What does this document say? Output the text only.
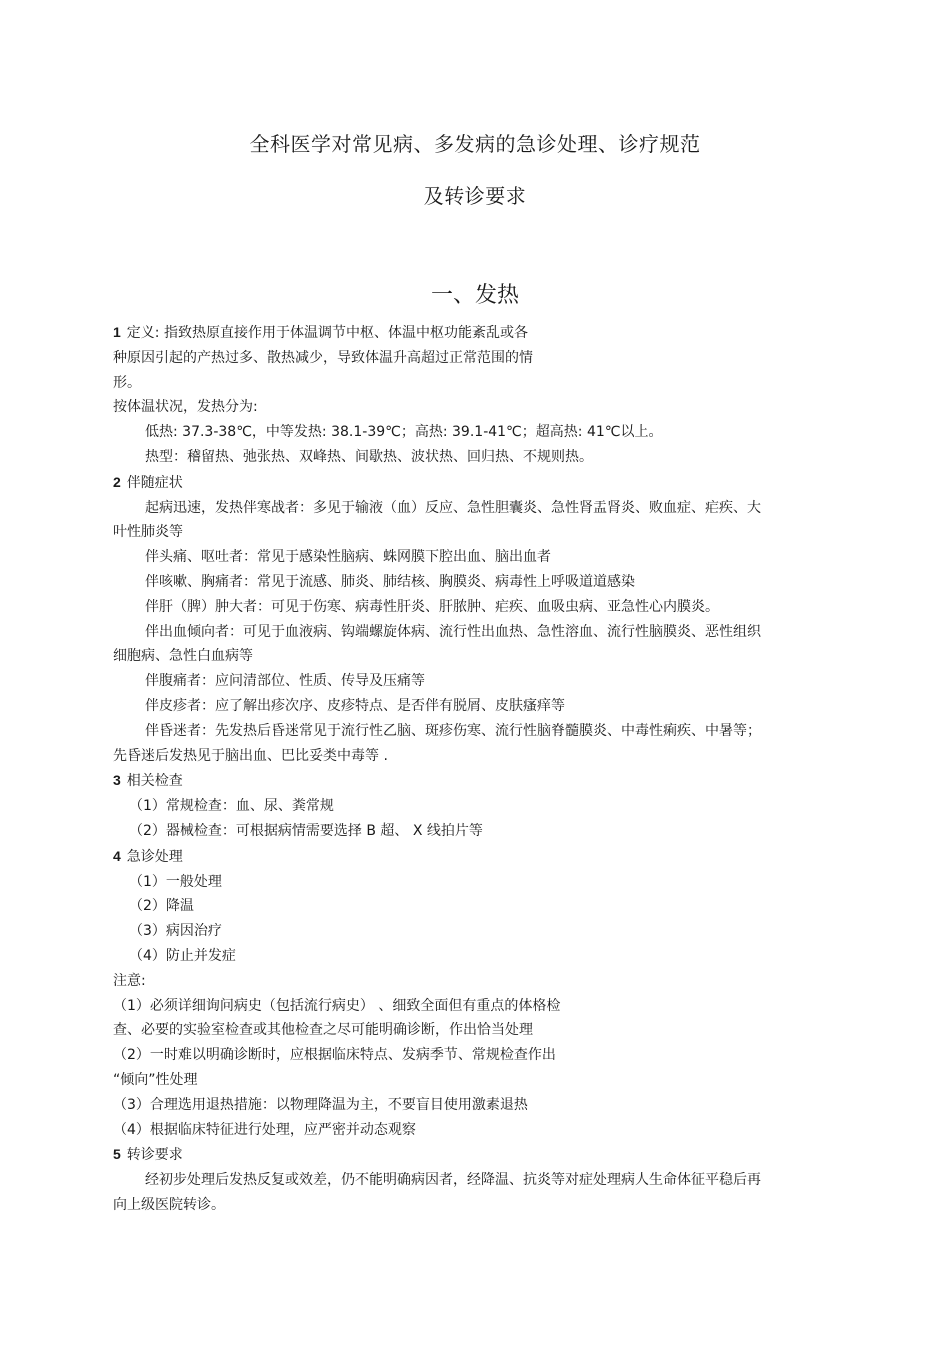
全科医学对常见病、多发病的急诊处理、诊疗规范
及转诊要求
一、发热

1 定义: 指致热原直接作用于体温调节中枢、体温中枢功能紊乱或各

种原因引起的产热过多、散热减少，导致体温升高超过正常范围的情

形。

按体温状况，发热分为:

低热: 37.3-38℃，中等发热: 38.1-39℃；高热: 39.1-41℃；超高热: 41℃以上。

热型：稽留热、弛张热、双峰热、间歇热、波状热、回归热、不规则热。

2 伴随症状

起病迅速，发热伴寒战者：多见于输液（血）反应、急性胆囊炎、急性肾盂肾炎、败血症、疟疾、大叶性肺炎等

伴头痛、呕吐者：常见于感染性脑病、蛛网膜下腔出血、脑出血者

伴咳嗽、胸痛者：常见于流感、肺炎、肺结核、胸膜炎、病毒性上呼吸道道感染

伴肝（脾）肿大者：可见于伤寒、病毒性肝炎、肝脓肿、疟疾、血吸虫病、亚急性心内膜炎。

伴出血倾向者：可见于血液病、钩端螺旋体病、流行性出血热、急性溶血、流行性脑膜炎、恶性组织细胞病、急性白血病等

伴腹痛者：应问清部位、性质、传导及压痛等

伴皮疹者：应了解出疹次序、皮疹特点、是否伴有脱屑、皮肤瘙痒等

伴昏迷者：先发热后昏迷常见于流行性乙脑、斑疹伤寒、流行性脑脊髓膜炎、中毒性痢疾、中暑等；先昏迷后发热见于脑出血、巴比妥类中毒等 .

3 相关检查

（1）常规检查：血、尿、粪常规

（2）器械检查：可根据病情需要选择 B 超、 X 线拍片等

4 急诊处理

（1）一般处理

（2）降温

（3）病因治疗

（4）防止并发症

注意:

（1）必须详细询问病史（包括流行病史） 、细致全面但有重点的体格检

查、必要的实验室检查或其他检查之尽可能明确诊断，作出恰当处理

（2）一时难以明确诊断时，应根据临床特点、发病季节、常规检查作出

“倾向”性处理

（3）合理选用退热措施：以物理降温为主，不要盲目使用激素退热

（4）根据临床特征进行处理，应严密并动态观察

5 转诊要求

经初步处理后发热反复或效差，仍不能明确病因者，经降温、抗炎等对症处理病人生命体征平稳后再向上级医院转诊。
